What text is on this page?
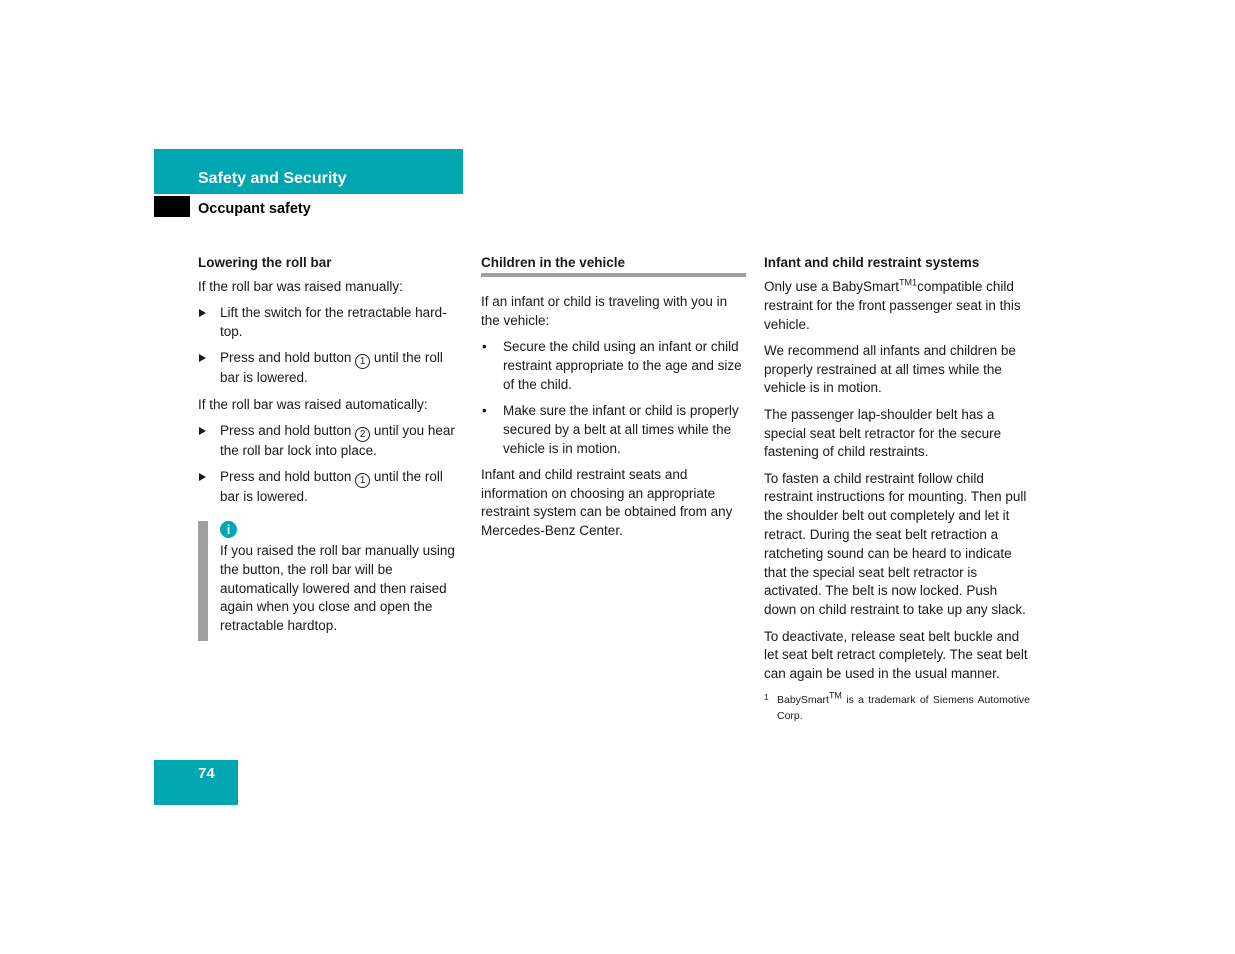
Safety and Security
Occupant safety
Lowering the roll bar

If the roll bar was raised manually:

Lift the switch for the retractable hard-top.
Press and hold button 1 until the roll bar is lowered.

If the roll bar was raised automatically:

Press and hold button 2 until you hear the roll bar lock into place.
Press and hold button 1 until the roll bar is lowered.
i
If you raised the roll bar manually using the button, the roll bar will be automatically lowered and then raised again when you close and open the retractable hardtop.
Children in the vehicle

If an infant or child is traveling with you in the vehicle:

• Secure the child using an infant or child restraint appropriate to the age and size of the child.
• Make sure the infant or child is properly secured by a belt at all times while the vehicle is in motion.

Infant and child restraint seats and information on choosing an appropriate restraint system can be obtained from any Mercedes-Benz Center.

Infant and child restraint systems

Only use a BabySmart$^{TM1}$compatible child restraint for the front passenger seat in this vehicle.

We recommend all infants and children be properly restrained at all times while the vehicle is in motion.

The passenger lap-shoulder belt has a special seat belt retractor for the secure fastening of child restraints.

To fasten a child restraint follow child restraint instructions for mounting. Then pull the shoulder belt out completely and let it retract. During the seat belt retraction a ratcheting sound can be heard to indicate that the special seat belt retractor is activated. The belt is now locked. Push down on child restraint to take up any slack.

To deactivate, release seat belt buckle and let seat belt retract completely. The seat belt can again be used in the usual manner.

1 BabySmart™ is a trademark of Siemens Automotive Corp.
74
